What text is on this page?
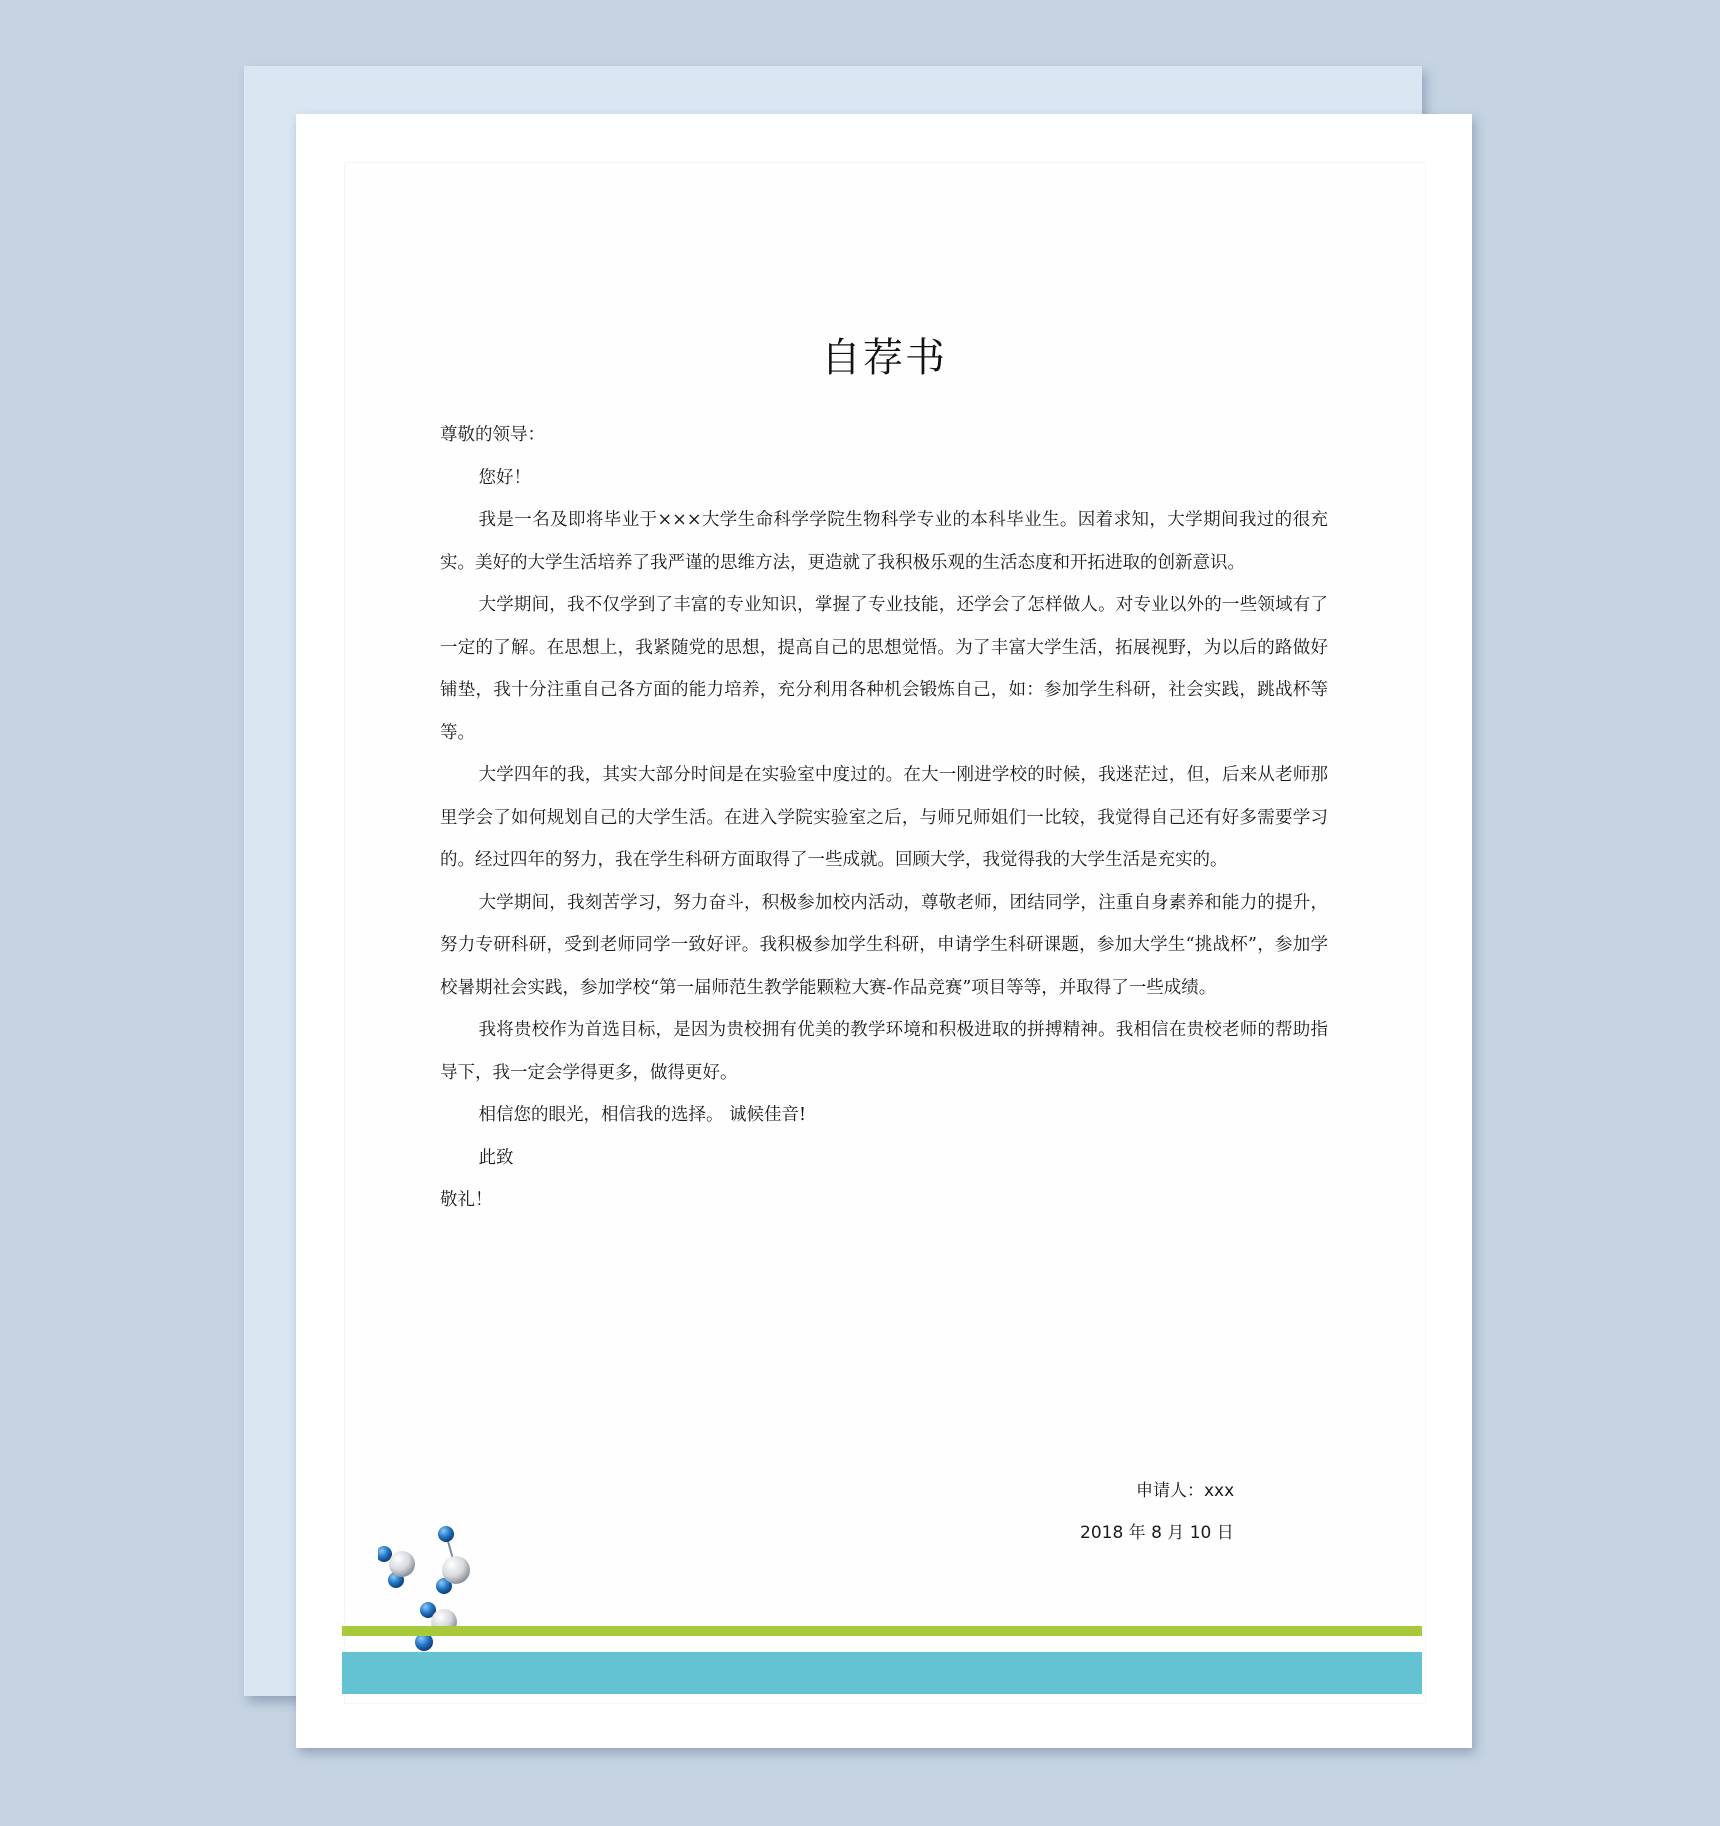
自荐书

尊敬的领导：

您好！

我是一名及即将毕业于×××大学生命科学学院生物科学专业的本科毕业生。因着求知，大学期间我过的很充实。美好的大学生活培养了我严谨的思维方法，更造就了我积极乐观的生活态度和开拓进取的创新意识。

大学期间，我不仅学到了丰富的专业知识，掌握了专业技能，还学会了怎样做人。对专业以外的一些领域有了一定的了解。在思想上，我紧随党的思想，提高自己的思想觉悟。为了丰富大学生活，拓展视野，为以后的路做好铺垫，我十分注重自己各方面的能力培养，充分利用各种机会锻炼自己，如：参加学生科研，社会实践，跳战杯等等。

大学四年的我，其实大部分时间是在实验室中度过的。在大一刚进学校的时候，我迷茫过，但，后来从老师那里学会了如何规划自己的大学生活。在进入学院实验室之后，与师兄师姐们一比较，我觉得自己还有好多需要学习的。经过四年的努力，我在学生科研方面取得了一些成就。回顾大学，我觉得我的大学生活是充实的。

大学期间，我刻苦学习，努力奋斗，积极参加校内活动，尊敬老师，团结同学，注重自身素养和能力的提升，努力专研科研，受到老师同学一致好评。我积极参加学生科研，申请学生科研课题，参加大学生“挑战杯”，参加学校暑期社会实践，参加学校“第一届师范生教学能颗粒大赛-作品竞赛”项目等等，并取得了一些成绩。

我将贵校作为首选目标，是因为贵校拥有优美的教学环境和积极进取的拼搏精神。我相信在贵校老师的帮助指导下，我一定会学得更多，做得更好。

相信您的眼光，相信我的选择。 诚候佳音!

此致

敬礼！

申请人：xxx
2018 年 8 月 10 日
